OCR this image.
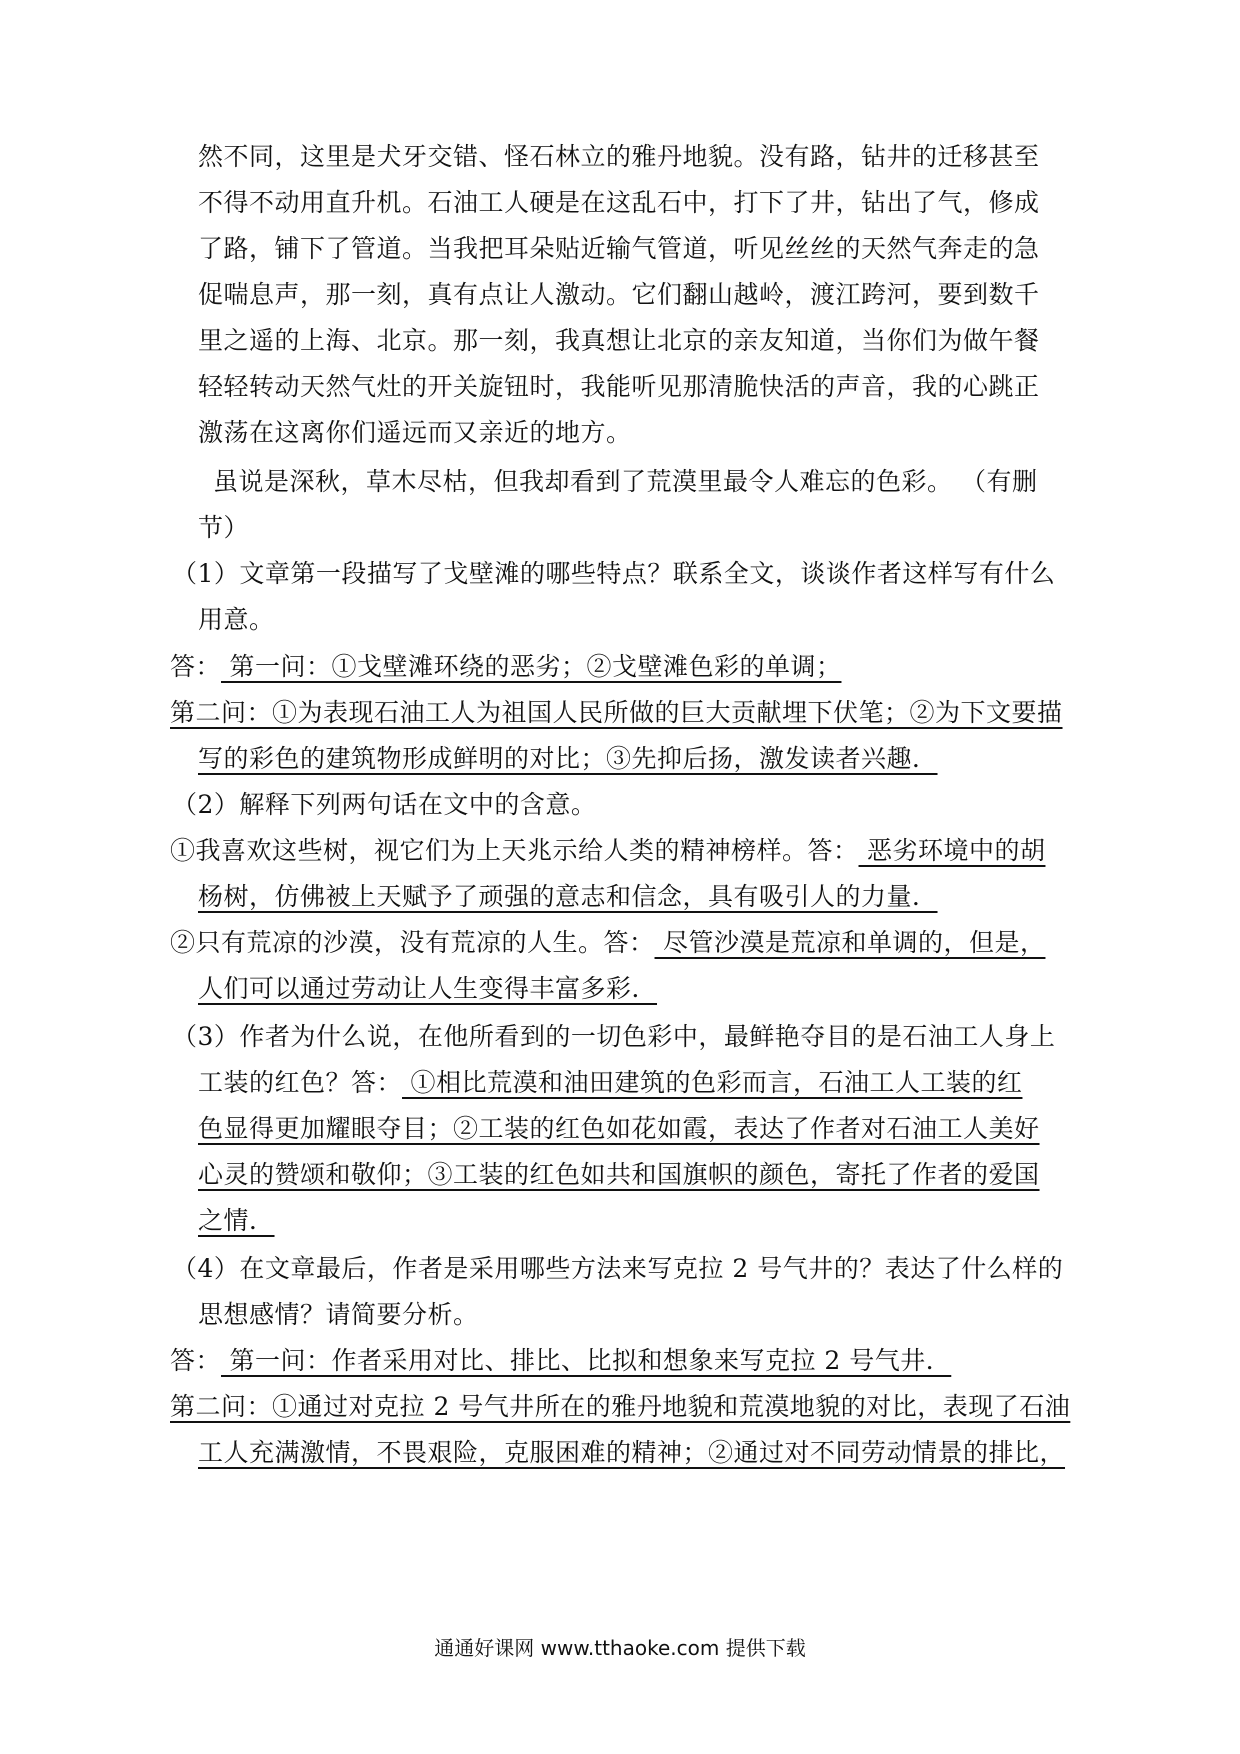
然不同，这里是犬牙交错、怪石林立的雅丹地貌。没有路，钻井的迁移甚至
不得不动用直升机。石油工人硬是在这乱石中，打下了井，钻出了气，修成
了路，铺下了管道。当我把耳朵贴近输气管道，听见丝丝的天然气奔走的急
促喘息声，那一刻，真有点让人激动。它们翻山越岭，渡江跨河，要到数千
里之遥的上海、北京。那一刻，我真想让北京的亲友知道，当你们为做午餐
轻轻转动天然气灶的开关旋钮时，我能听见那清脆快活的声音，我的心跳正
激荡在这离你们遥远而又亲近的地方。
虽说是深秋，草木尽枯，但我却看到了荒漠里最令人难忘的色彩。 （有删
节）
（1）文章第一段描写了戈壁滩的哪些特点？联系全文，谈谈作者这样写有什么
用意。
答： 第一问：①戈壁滩环绕的恶劣；②戈壁滩色彩的单调；
第二问：①为表现石油工人为祖国人民所做的巨大贡献埋下伏笔；②为下文要描
写的彩色的建筑物形成鲜明的对比；③先抑后扬，激发读者兴趣．
（2）解释下列两句话在文中的含意。
①我喜欢这些树，视它们为上天兆示给人类的精神榜样。答： 恶劣环境中的胡
杨树，仿佛被上天赋予了顽强的意志和信念，具有吸引人的力量．
②只有荒凉的沙漠，没有荒凉的人生。答： 尽管沙漠是荒凉和单调的，但是，
人们可以通过劳动让人生变得丰富多彩．
（3）作者为什么说，在他所看到的一切色彩中，最鲜艳夺目的是石油工人身上
工装的红色？答： ①相比荒漠和油田建筑的色彩而言，石油工人工装的红
色显得更加耀眼夺目；②工装的红色如花如霞，表达了作者对石油工人美好
心灵的赞颂和敬仰；③工装的红色如共和国旗帜的颜色，寄托了作者的爱国
之情．
（4）在文章最后，作者是采用哪些方法来写克拉 2 号气井的？表达了什么样的
思想感情？请简要分析。
答： 第一问：作者采用对比、排比、比拟和想象来写克拉 2 号气井．
第二问：①通过对克拉 2 号气井所在的雅丹地貌和荒漠地貌的对比，表现了石油
工人充满激情，不畏艰险，克服困难的精神；②通过对不同劳动情景的排比，
通通好课网 www.tthaoke.com 提供下载
